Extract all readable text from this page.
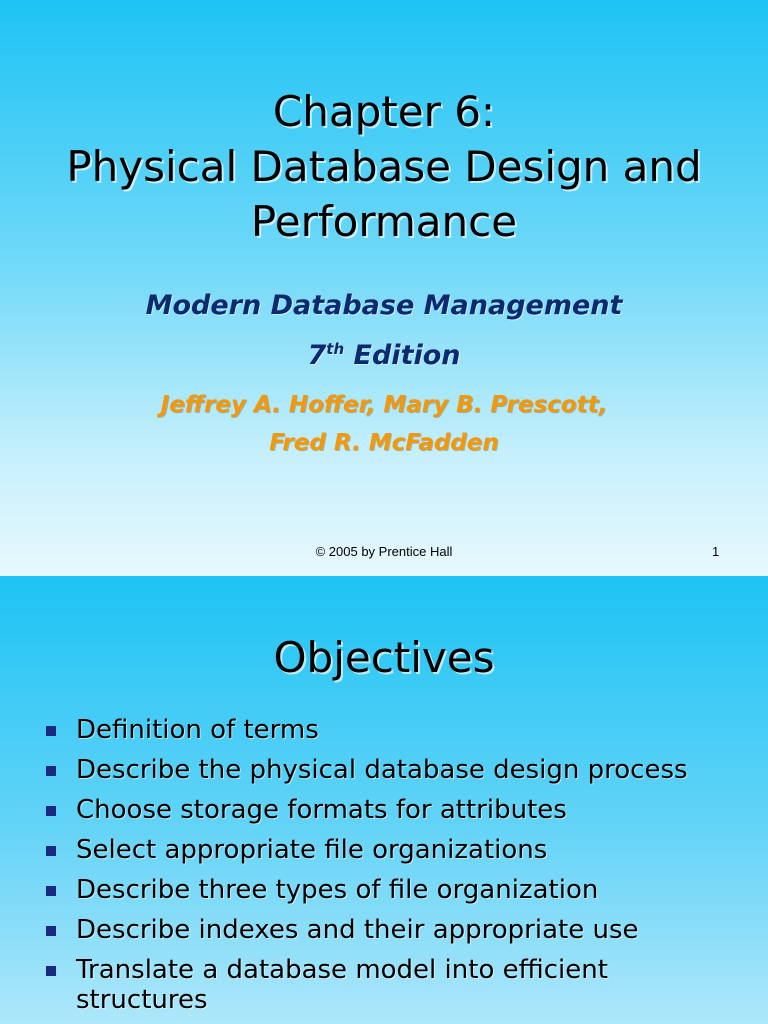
Chapter 6:
Physical Database Design and
Performance
Modern Database Management
7th Edition
Jeffrey A. Hoffer, Mary B. Prescott,
Fred R. McFadden
© 2005 by Prentice Hall	1
Objectives
Definition of terms
Describe the physical database design process
Choose storage formats for attributes
Select appropriate file organizations
Describe three types of file organization
Describe indexes and their appropriate use
Translate a database model into efficient structures
